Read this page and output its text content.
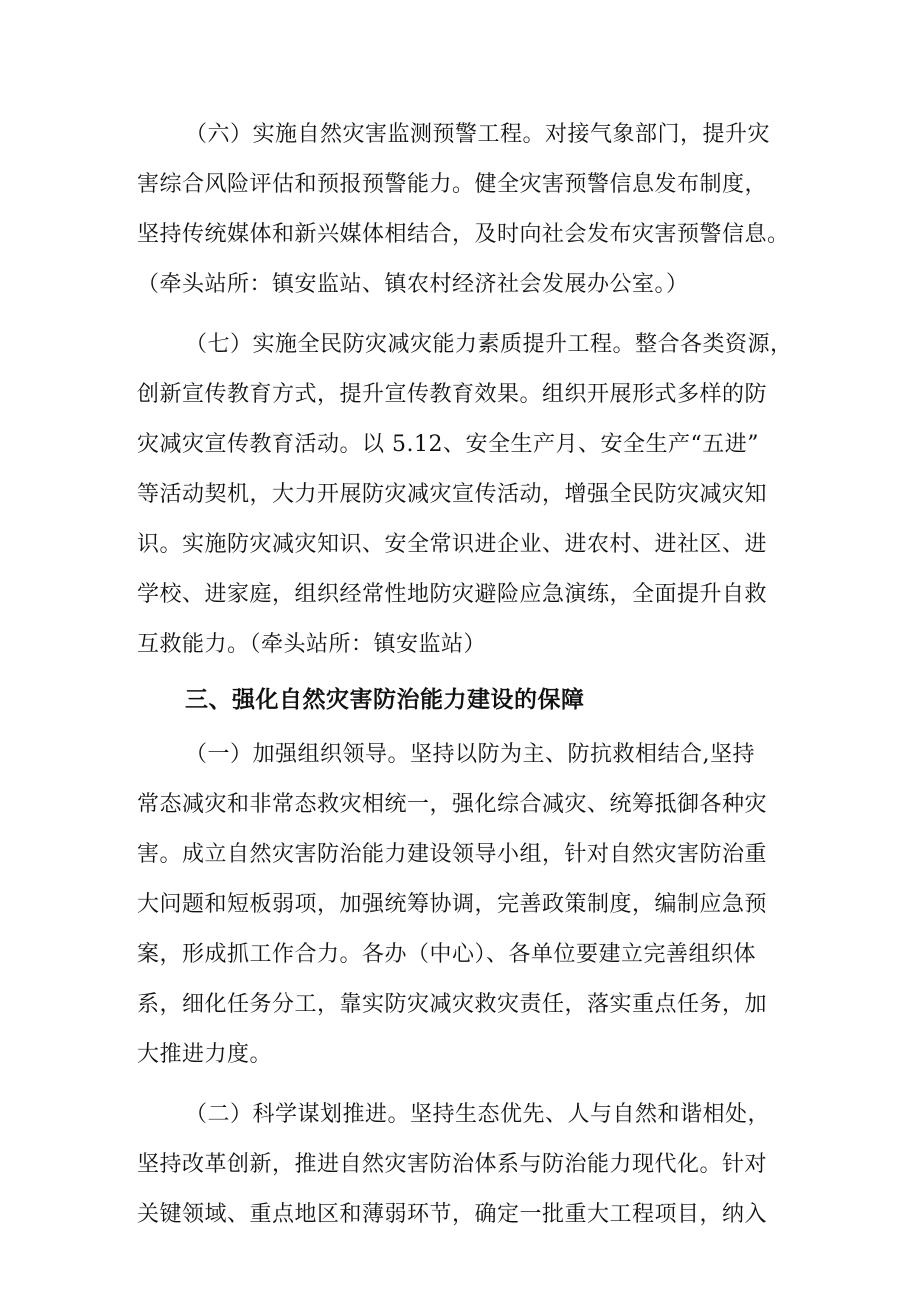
（六）实施自然灾害监测预警工程。对接气象部门，提升灾
害综合风险评估和预报预警能力。健全灾害预警信息发布制度，
坚持传统媒体和新兴媒体相结合，及时向社会发布灾害预警信息。
（牵头站所：镇安监站、镇农村经济社会发展办公室。）
（七）实施全民防灾减灾能力素质提升工程。整合各类资源，
创新宣传教育方式，提升宣传教育效果。组织开展形式多样的防
灾减灾宣传教育活动。以 5.12、安全生产月、安全生产“五进”
等活动契机，大力开展防灾减灾宣传活动，增强全民防灾减灾知
识。实施防灾减灾知识、安全常识进企业、进农村、进社区、进
学校、进家庭，组织经常性地防灾避险应急演练，全面提升自救
互救能力。（牵头站所：镇安监站）
三、强化自然灾害防治能力建设的保障
（一）加强组织领导。坚持以防为主、防抗救相结合,坚持
常态减灾和非常态救灾相统一，强化综合减灾、统筹抵御各种灾
害。成立自然灾害防治能力建设领导小组，针对自然灾害防治重
大问题和短板弱项，加强统筹协调，完善政策制度，编制应急预
案，形成抓工作合力。各办（中心）、各单位要建立完善组织体
系，细化任务分工，靠实防灾减灾救灾责任，落实重点任务，加
大推进力度。
（二）科学谋划推进。坚持生态优先、人与自然和谐相处，
坚持改革创新，推进自然灾害防治体系与防治能力现代化。针对
关键领域、重点地区和薄弱环节，确定一批重大工程项目，纳入
